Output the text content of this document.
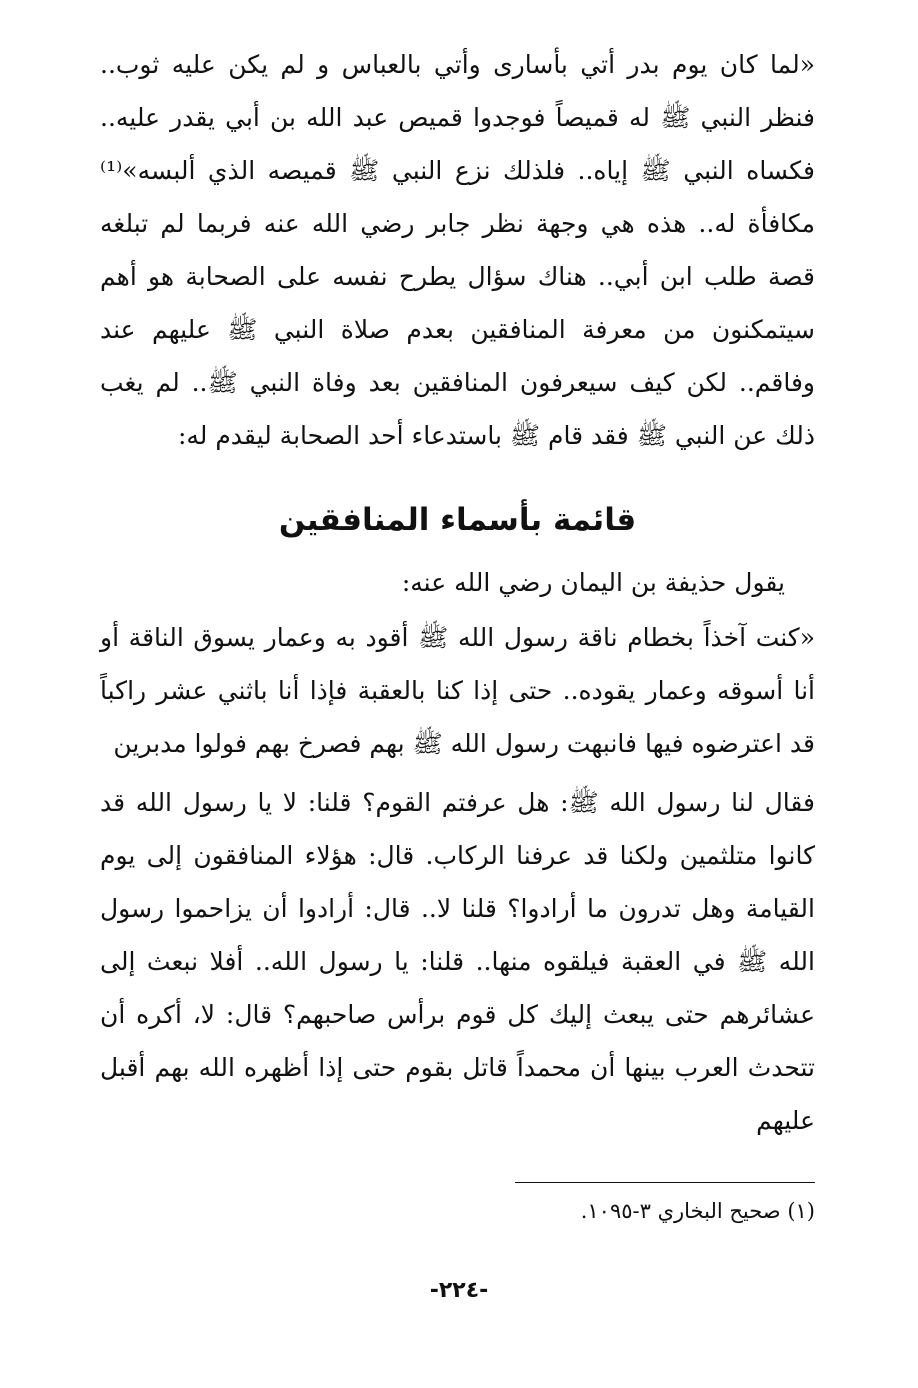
«لما كان يوم بدر أتي بأسارى وأتي بالعباس و لم يكن عليه ثوب.. فنظر النبي ﷺ له قميصاً فوجدوا قميص عبد الله بن أبي يقدر عليه.. فكساه النبي ﷺ إياه.. فلذلك نزع النبي ﷺ قميصه الذي ألبسه»⁽¹⁾ مكافأة له.. هذه هي وجهة نظر جابر رضي الله عنه فربما لم تبلغه قصة طلب ابن أبي.. هناك سؤال يطرح نفسه على الصحابة هو أهم سيتمكنون من معرفة المنافقين بعدم صلاة النبي ﷺ عليهم عند وفاقم.. لكن كيف سيعرفون المنافقين بعد وفاة النبي ﷺ.. لم يغب ذلك عن النبي ﷺ فقد قام ﷺ باستدعاء أحد الصحابة ليقدم له:

قائمة بأسماء المنافقين

يقول حذيفة بن اليمان رضي الله عنه:

«كنت آخذاً بخطام ناقة رسول الله ﷺ أقود به وعمار يسوق الناقة أو أنا أسوقه وعمار يقوده.. حتى إذا كنا بالعقبة فإذا أنا باثني عشر راكباً قد اعترضوه فيها فانبهت رسول الله ﷺ بهم فصرخ بهم فولوا مدبرين

فقال لنا رسول الله ﷺ: هل عرفتم القوم؟ قلنا: لا يا رسول الله قد كانوا متلثمين ولكنا قد عرفنا الركاب. قال: هؤلاء المنافقون إلى يوم القيامة وهل تدرون ما أرادوا؟ قلنا لا.. قال: أرادوا أن يزاحموا رسول الله ﷺ في العقبة فيلقوه منها.. قلنا: يا رسول الله.. أفلا نبعث إلى عشائرهم حتى يبعث إليك كل قوم برأس صاحبهم؟ قال: لا، أكره أن تتحدث العرب بينها أن محمداً قاتل بقوم حتى إذا أظهره الله بهم أقبل عليهم

(١) صحيح البخاري ٣-١٠٩٥.
-٢٢٤-
